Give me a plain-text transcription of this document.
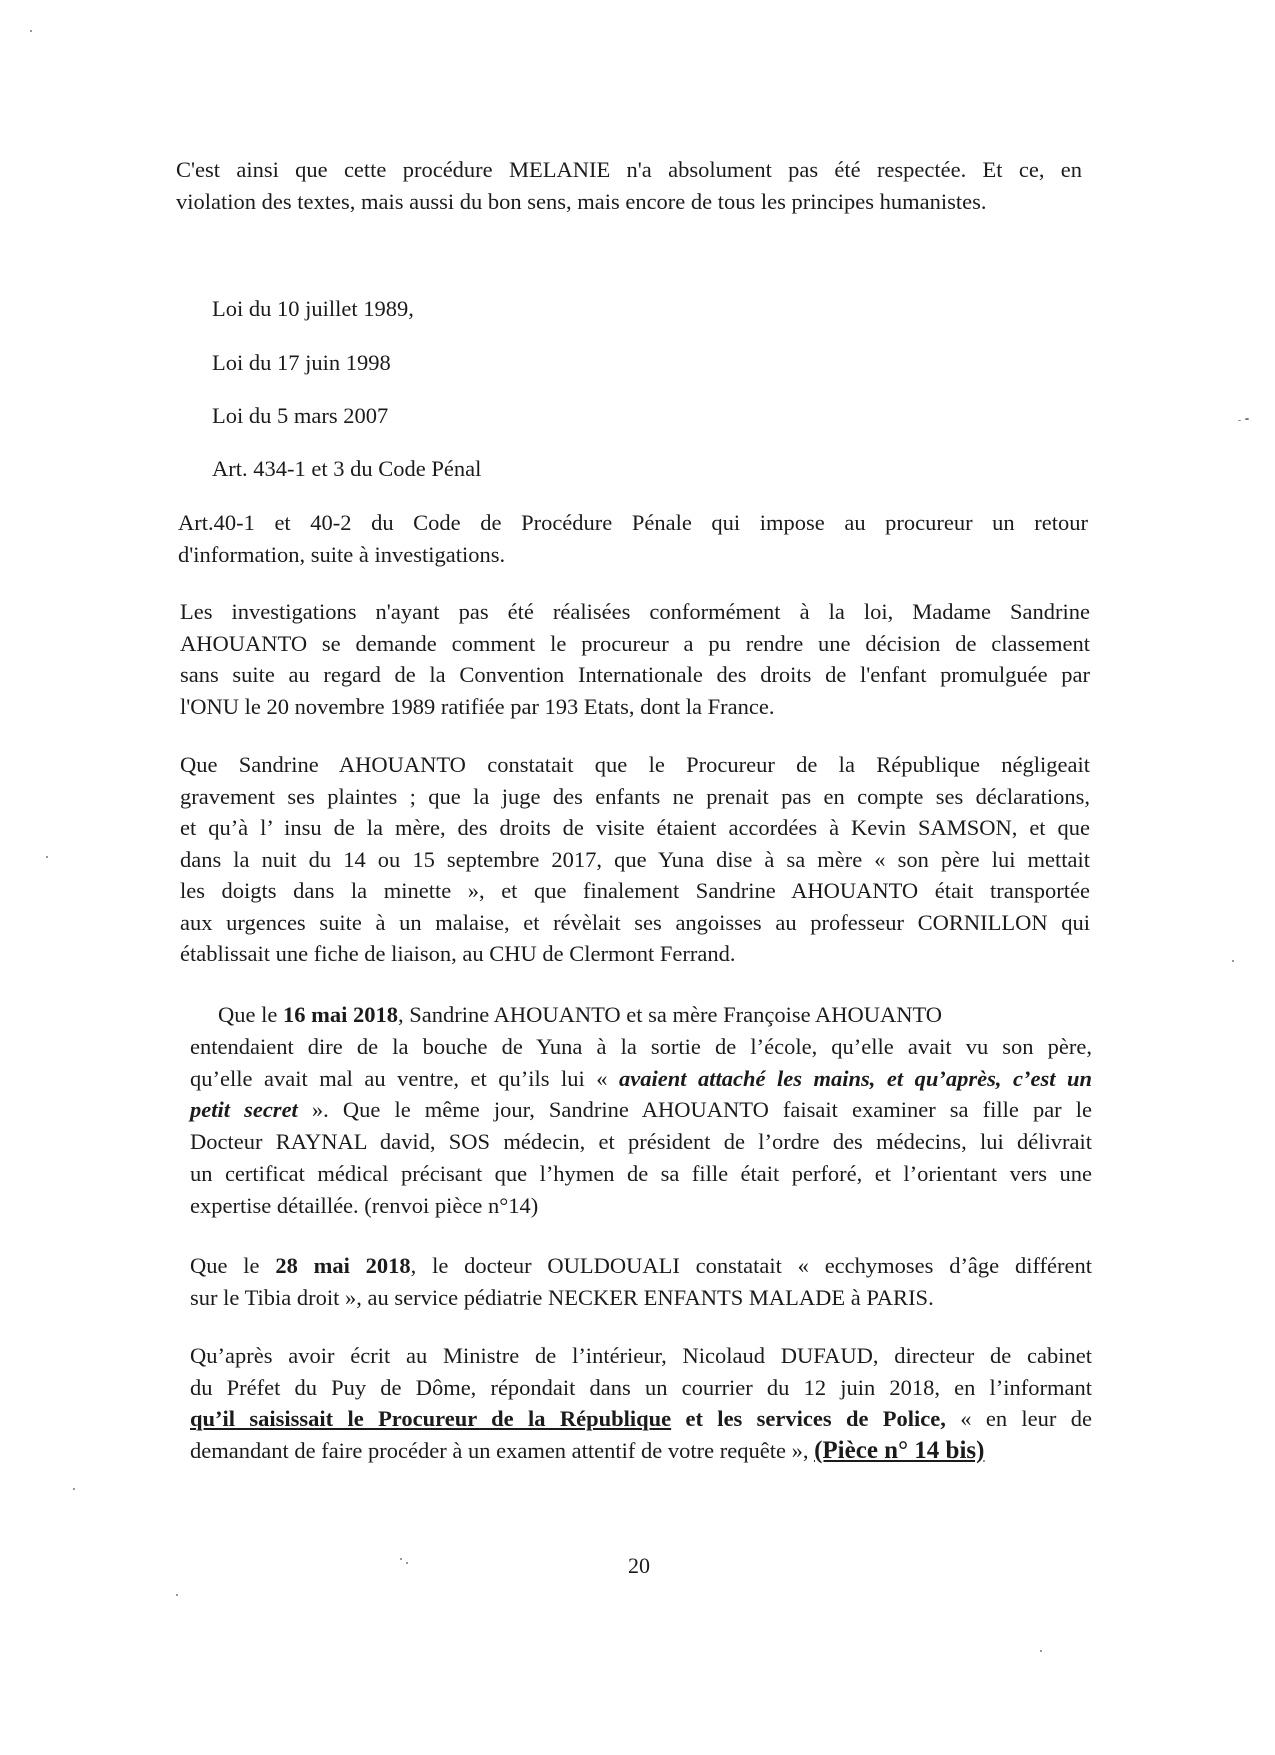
C'est ainsi que cette procédure MELANIE n'a absolument pas été respectée. Et ce, en
violation des textes, mais aussi du bon sens, mais encore de tous les principes humanistes.

Loi du 10 juillet 1989,

Loi du 17 juin 1998

Loi du 5 mars 2007

Art. 434-1 et 3 du Code Pénal

Art.40-1 et 40-2 du Code de Procédure Pénale qui impose au procureur un retour
d'information, suite à investigations.

Les investigations n'ayant pas été réalisées conformément à la loi, Madame Sandrine
AHOUANTO se demande comment le procureur a pu rendre une décision de classement
sans suite au regard de la Convention Internationale des droits de l'enfant promulguée par
l'ONU le 20 novembre 1989 ratifiée par 193 Etats, dont la France.

Que Sandrine AHOUANTO constatait que le Procureur de la République négligeait
gravement ses plaintes ; que la juge des enfants ne prenait pas en compte ses déclarations,
et qu’à l’ insu de la mère, des droits de visite étaient accordées à Kevin SAMSON, et que
dans la nuit du 14 ou 15 septembre 2017, que Yuna dise à sa mère « son père lui mettait
les doigts dans la minette », et que finalement Sandrine AHOUANTO était transportée
aux urgences suite à un malaise, et révèlait ses angoisses au professeur CORNILLON qui
établissait une fiche de liaison, au CHU de Clermont Ferrand.

Que le 16 mai 2018, Sandrine AHOUANTO et sa mère Françoise AHOUANTO
entendaient dire de la bouche de Yuna à la sortie de l’école, qu’elle avait vu son père,
qu’elle avait mal au ventre, et qu’ils lui « avaient attaché les mains, et qu’après, c’est un
petit secret ». Que le même jour, Sandrine AHOUANTO faisait examiner sa fille par le
Docteur RAYNAL david, SOS médecin, et président de l’ordre des médecins, lui délivrait
un certificat médical précisant que l’hymen de sa fille était perforé, et l’orientant vers une
expertise détaillée. (renvoi pièce n°14)

Que le 28 mai 2018, le docteur OULDOUALI constatait « ecchymoses d’âge différent
sur le Tibia droit », au service pédiatrie NECKER ENFANTS MALADE à PARIS.

Qu’après avoir écrit au Ministre de l’intérieur, Nicolaud DUFAUD, directeur de cabinet
du Préfet du Puy de Dôme, répondait dans un courrier du 12 juin 2018, en l’informant
qu’il saisissait le Procureur de la République et les services de Police, « en leur de
demandant de faire procéder à un examen attentif de votre requête », (Pièce n° 14 bis)

20
